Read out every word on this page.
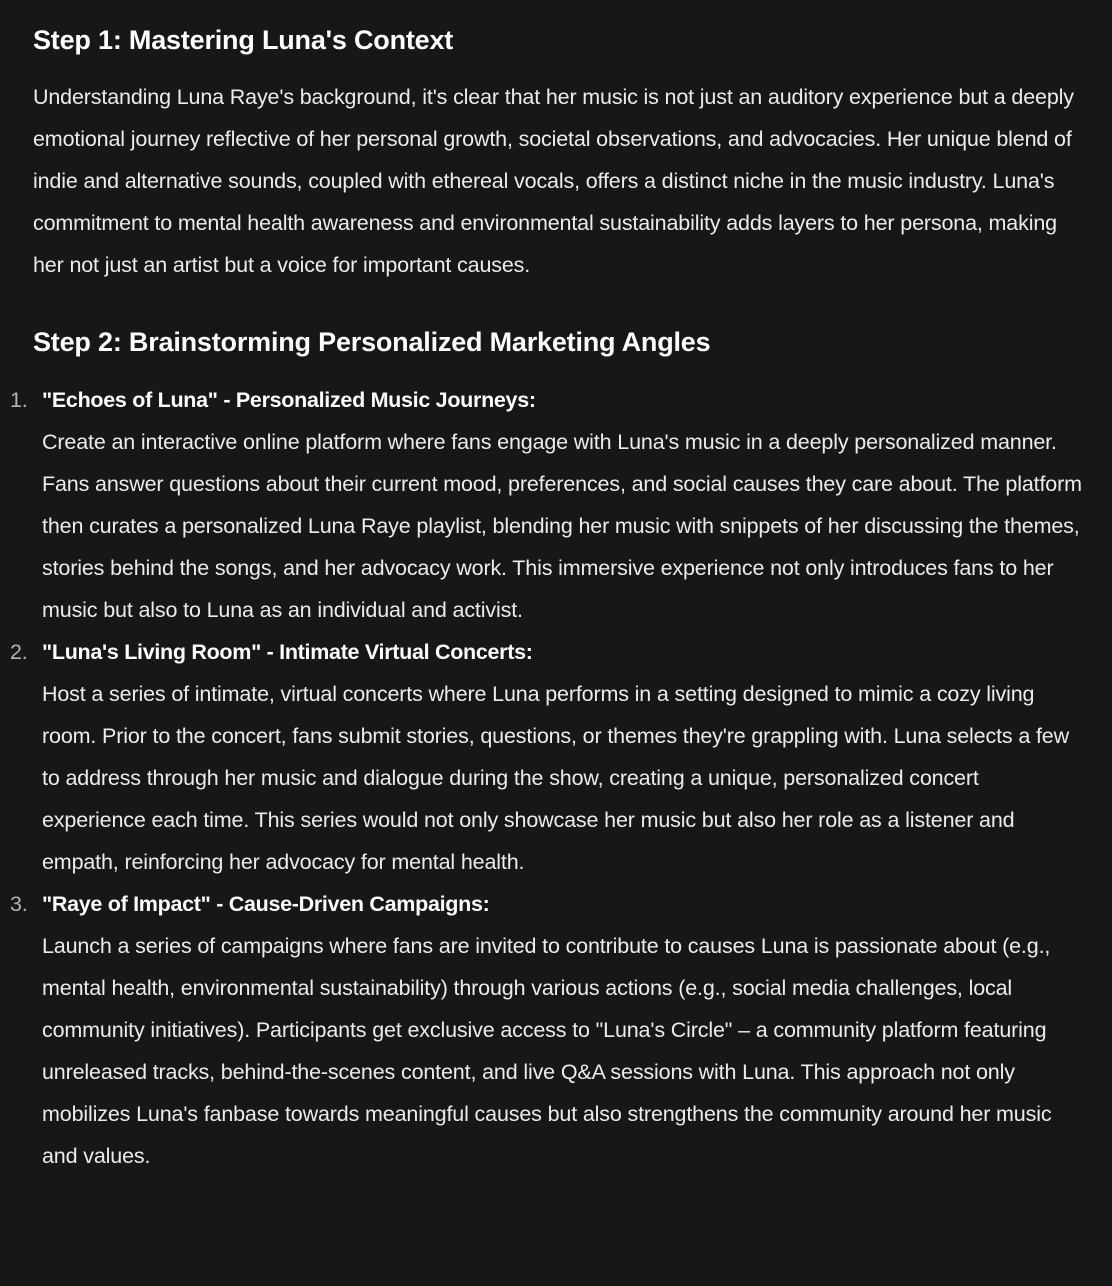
Step 1: Mastering Luna's Context

Understanding Luna Raye's background, it's clear that her music is not just an auditory experience but a deeply emotional journey reflective of her personal growth, societal observations, and advocacies. Her unique blend of indie and alternative sounds, coupled with ethereal vocals, offers a distinct niche in the music industry. Luna's commitment to mental health awareness and environmental sustainability adds layers to her persona, making her not just an artist but a voice for important causes.

Step 2: Brainstorming Personalized Marketing Angles
1. "Echoes of Luna" - Personalized Music Journeys:
Create an interactive online platform where fans engage with Luna's music in a deeply personalized manner. Fans answer questions about their current mood, preferences, and social causes they care about. The platform then curates a personalized Luna Raye playlist, blending her music with snippets of her discussing the themes, stories behind the songs, and her advocacy work. This immersive experience not only introduces fans to her music but also to Luna as an individual and activist.
2. "Luna's Living Room" - Intimate Virtual Concerts:
Host a series of intimate, virtual concerts where Luna performs in a setting designed to mimic a cozy living room. Prior to the concert, fans submit stories, questions, or themes they're grappling with. Luna selects a few to address through her music and dialogue during the show, creating a unique, personalized concert experience each time. This series would not only showcase her music but also her role as a listener and empath, reinforcing her advocacy for mental health.
3. "Raye of Impact" - Cause-Driven Campaigns:
Launch a series of campaigns where fans are invited to contribute to causes Luna is passionate about (e.g., mental health, environmental sustainability) through various actions (e.g., social media challenges, local community initiatives). Participants get exclusive access to "Luna's Circle" – a community platform featuring unreleased tracks, behind-the-scenes content, and live Q&A sessions with Luna. This approach not only mobilizes Luna's fanbase towards meaningful causes but also strengthens the community around her music and values.
